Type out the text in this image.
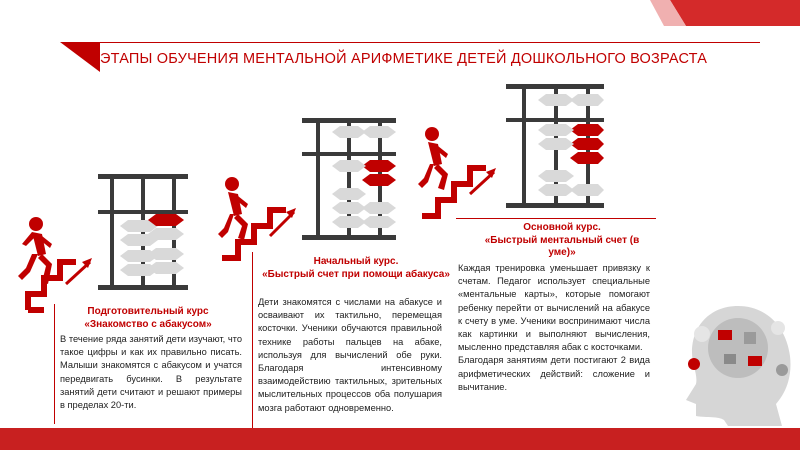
ЭТАПЫ ОБУЧЕНИЯ МЕНТАЛЬНОЙ АРИФМЕТИКЕ ДЕТЕЙ ДОШКОЛЬНОГО ВОЗРАСТА
Подготовительный курс
«Знакомство с абакусом»
В течение ряда занятий дети изучают, что такое цифры и как их правильно писать. Малыши знакомятся с абакусом и учатся передвигать бусинки. В результате занятий дети считают и решают примеры в пределах 20-ти.
Начальный курс.
«Быстрый счет при помощи абакуса»
Дети знакомятся с числами на абакусе и осваивают их тактильно, перемещая косточки. Ученики обучаются правильной технике работы пальцев на абаке, используя для вычислений обе руки. Благодаря интенсивному взаимодействию тактильных, зрительных мыслительных процессов оба полушария мозга работают одновременно.
Основной курс.
«Быстрый ментальный счет (в уме)»
Каждая тренировка уменьшает привязку к счетам. Педагог использует специальные «ментальные карты», которые помогают ребенку перейти от вычислений на абакусе к счету в уме. Ученики воспринимают числа как картинки и выполняют вычисления, мысленно представляя абак с косточками.
Благодаря занятиям дети постигают 2 вида арифметических действий: сложение и вычитание.
